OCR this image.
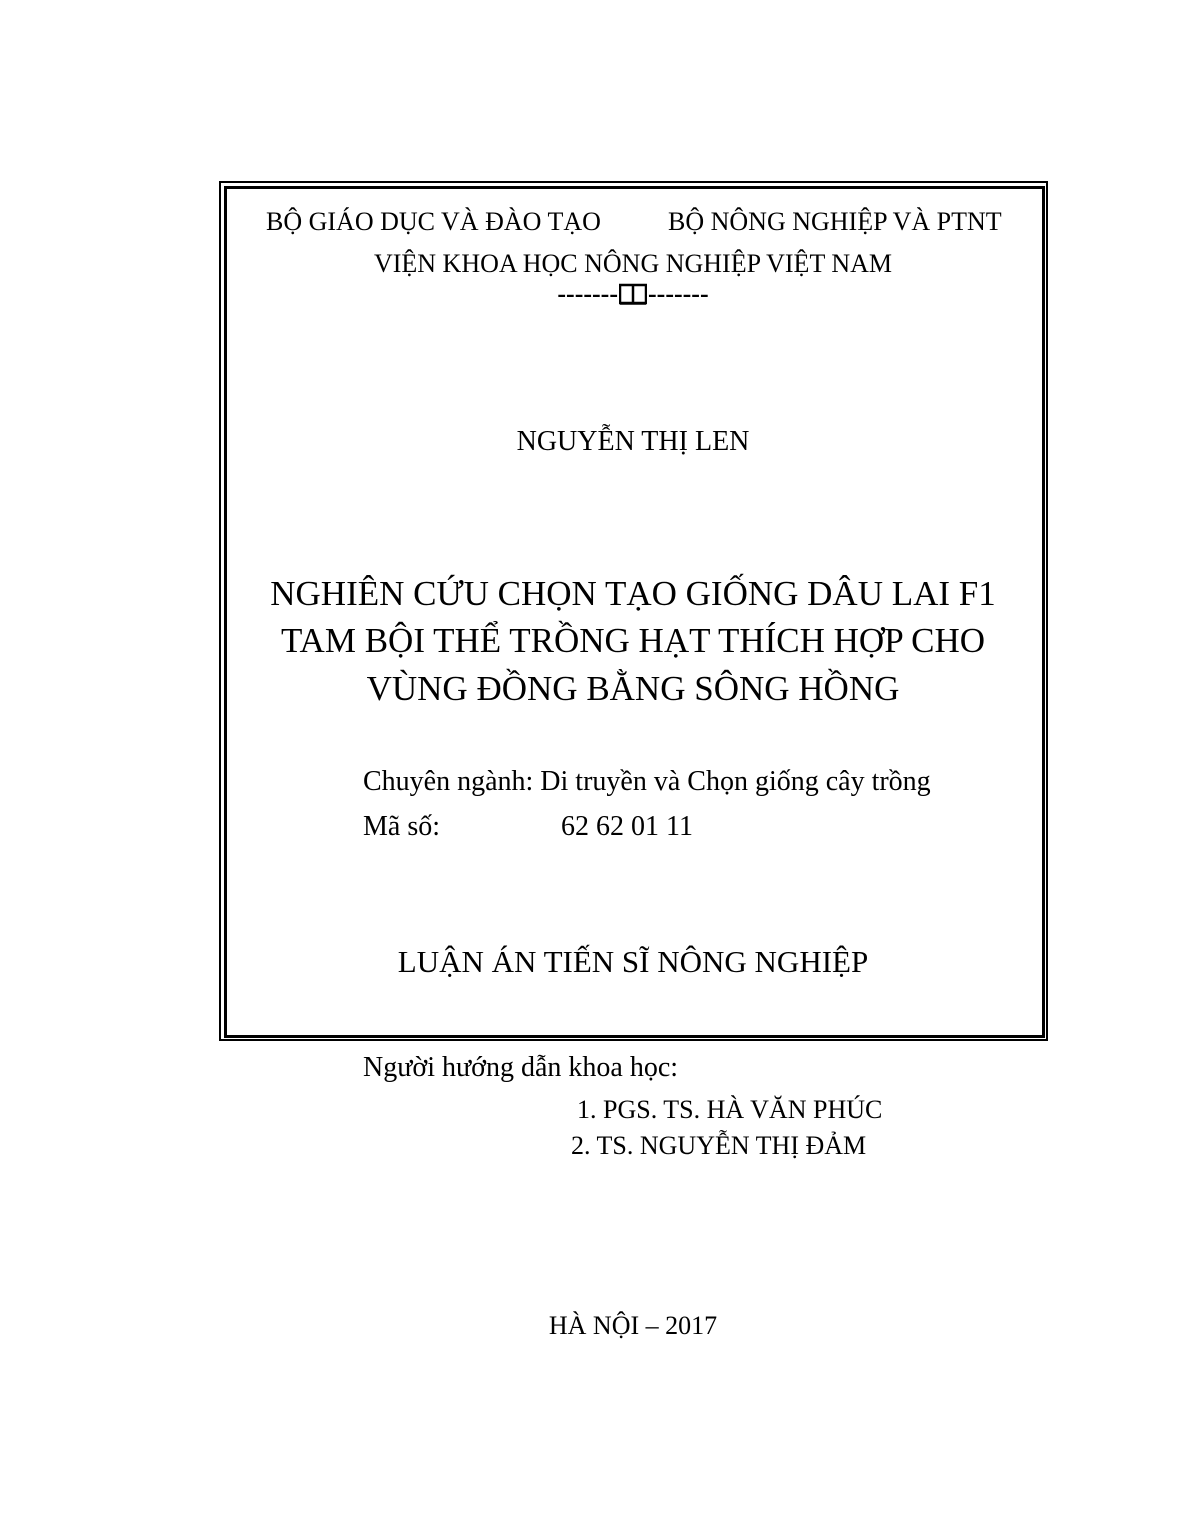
BỘ GIÁO DỤC VÀ ĐÀO TẠO	BỘ NÔNG NGHIỆP VÀ PTNT
VIỆN KHOA HỌC NÔNG NGHIỆP VIỆT NAM
------- -------
NGUYỄN THỊ LEN
NGHIÊN CỨU CHỌN TẠO GIỐNG DÂU LAI F1
TAM BỘI THỂ TRỒNG HẠT THÍCH HỢP CHO
VÙNG ĐỒNG BẰNG SÔNG HỒNG
Chuyên ngành: Di truyền và Chọn giống cây trồng
Mã số:	62 62 01 11
LUẬN ÁN TIẾN SĨ NÔNG NGHIỆP
Người hướng dẫn khoa học:
1. PGS. TS. HÀ VĂN PHÚC
2. TS. NGUYỄN THỊ ĐẢM
HÀ NỘI – 2017
